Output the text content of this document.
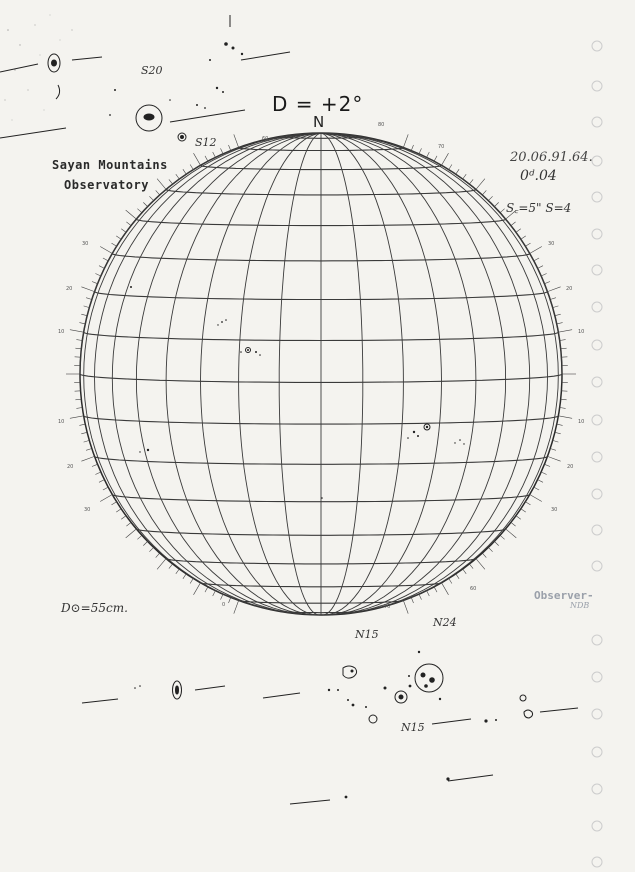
30
20
10
10
20
30
30
20
10
10
20
30
60
80
70
0
60
70
D = +2°
N
Sayan Mountains
Observatory
20.06.91.64.
0ᵈ.04
S꜀=5" S=4
D⊙=55cm.
Observer-
NDB
S20
S12
N15
N24
N15
